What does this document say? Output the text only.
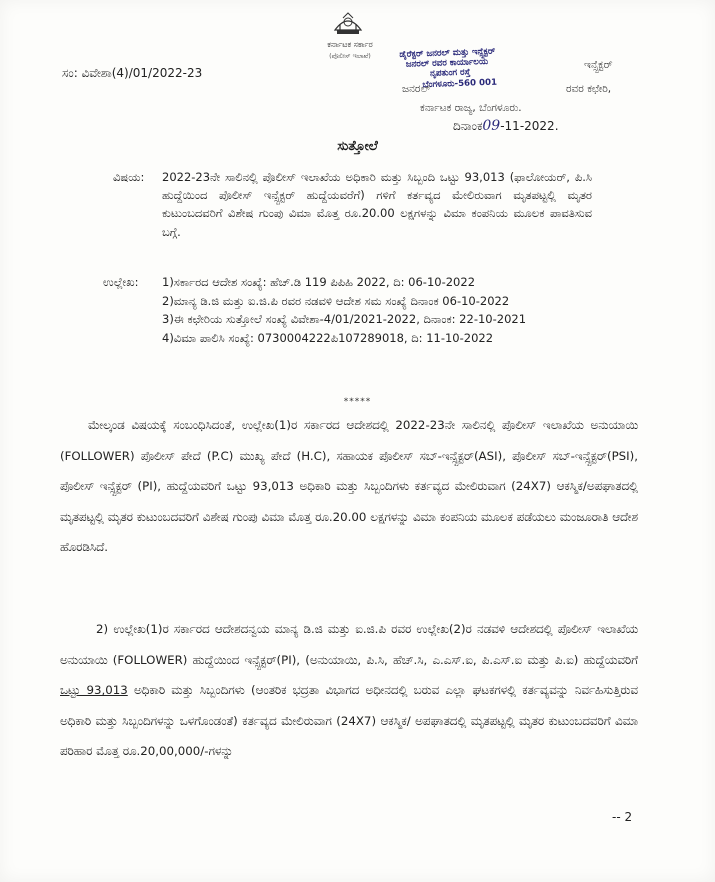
ಕರ್ನಾಟಕ ಸರ್ಕಾರ
(ಪೊಲೀಸ್ ಇಲಾಖೆ)
ಸಂ: ವಿವೇಶಾ(4)/01/2022-23
ಡೈರೆಕ್ಟರ್ ಜನರಲ್ ಮತ್ತು ಇನ್ಸ್ಪೆಕ್ಟರ್
ಜನರಲ್ ರವರ ಕಾರ್ಯಾಲಯ
ನೃಪತುಂಗ ರಸ್ತೆ
ಬೆಂಗಳೂರು-560 001
ಇನ್ಸ್ಪೆಕ್ಟರ್
ಜನರಲ್	ರವರ ಕಛೇರಿ,
ಕರ್ನಾಟಕ ರಾಜ್ಯ, ಬೆಂಗಳೂರು.
ದಿನಾಂಕ09-11-2022.
ಸುತ್ತೋಲೆ
ವಿಷಯ: 2022-23ನೇ ಸಾಲಿನಲ್ಲಿ ಪೊಲೀಸ್ ಇಲಾಖೆಯ ಅಧಿಕಾರಿ ಮತ್ತು ಸಿಬ್ಬಂದಿ ಒಟ್ಟು 93,013 (ಫಾಲೋಯರ್, ಪಿ.ಸಿ ಹುದ್ದೆಯಿಂದ ಪೊಲೀಸ್ ಇನ್ಸ್ಪೆಕ್ಟರ್ ಹುದ್ದೆಯವರೆಗೆ) ಗಳಿಗೆ ಕರ್ತವ್ಯದ ಮೇಲಿರುವಾಗ ಮೃತಪಟ್ಟಲ್ಲಿ ಮೃತರ ಕುಟುಂಬದವರಿಗೆ ವಿಶೇಷ ಗುಂಪು ವಿಮಾ ಮೊತ್ತ ರೂ.20.00 ಲಕ್ಷಗಳನ್ನು ವಿಮಾ ಕಂಪನಿಯ ಮೂಲಕ ಪಾವತಿಸುವ ಬಗ್ಗೆ.
ಉಲ್ಲೇಖ: 1)ಸರ್ಕಾರದ ಆದೇಶ ಸಂಖ್ಯೆ: ಹೆಚ್.ಡಿ 119 ಪಿಪಿಹಿ 2022, ದಿ: 06-10-2022
2)ಮಾನ್ಯ ಡಿ.ಜಿ ಮತ್ತು ಐ.ಜಿ.ಪಿ ರವರ ನಡವಳಿ ಆದೇಶ ಸಮ ಸಂಖ್ಯೆ ದಿನಾಂಕ 06-10-2022
3)ಈ ಕಛೇರಿಯ ಸುತ್ತೋಲೆ ಸಂಖ್ಯೆ ವಿವೇಶಾ-4/01/2021-2022, ದಿನಾಂಕ: 22-10-2021
4)ವಿಮಾ ಪಾಲಿಸಿ ಸಂಖ್ಯೆ: 0730004222ಪಿ107289018, ದಿ: 11-10-2022
*****
ಮೇಲ್ಕಂಡ ವಿಷಯಕ್ಕೆ ಸಂಬಂಧಿಸಿದಂತೆ, ಉಲ್ಲೇಖ(1)ರ ಸರ್ಕಾರದ ಆದೇಶದಲ್ಲಿ 2022-23ನೇ ಸಾಲಿನಲ್ಲಿ ಪೊಲೀಸ್ ಇಲಾಖೆಯ ಅನುಯಾಯಿ (FOLLOWER) ಪೊಲೀಸ್ ಪೇದೆ (P.C) ಮುಖ್ಯ ಪೇದೆ (H.C), ಸಹಾಯಕ ಪೊಲೀಸ್ ಸಬ್-ಇನ್ಸ್ಪೆಕ್ಟರ್(ASI), ಪೊಲೀಸ್ ಸಬ್-ಇನ್ಸ್ಪೆಕ್ಟರ್(PSI), ಪೊಲೀಸ್ ಇನ್ಸ್ಪೆಕ್ಟರ್ (PI), ಹುದ್ದೆಯವರಿಗೆ ಒಟ್ಟು 93,013 ಅಧಿಕಾರಿ ಮತ್ತು ಸಿಬ್ಬಂದಿಗಳು ಕರ್ತವ್ಯದ ಮೇಲಿರುವಾಗ (24X7) ಆಕಸ್ಮಿಕ/ಅಪಘಾತದಲ್ಲಿ ಮೃತಪಟ್ಟಲ್ಲಿ ಮೃತರ ಕುಟುಂಬದವರಿಗೆ ವಿಶೇಷ ಗುಂಪು ವಿಮಾ ಮೊತ್ತ ರೂ.20.00 ಲಕ್ಷಗಳನ್ನು ವಿಮಾ ಕಂಪನಿಯ ಮೂಲಕ ಪಡೆಯಲು ಮಂಜೂರಾತಿ ಆದೇಶ ಹೊರಡಿಸಿದೆ.
2) ಉಲ್ಲೇಖ(1)ರ ಸರ್ಕಾರದ ಆದೇಶದನ್ವಯ ಮಾನ್ಯ ಡಿ.ಜಿ ಮತ್ತು ಐ.ಜಿ.ಪಿ ರವರ ಉಲ್ಲೇಖ(2)ರ ನಡವಳಿ ಆದೇಶದಲ್ಲಿ ಪೊಲೀಸ್ ಇಲಾಖೆಯ ಅನುಯಾಯಿ (FOLLOWER) ಹುದ್ದೆಯಿಂದ ಇನ್ಸ್ಪೆಕ್ಟರ್(PI), (ಅನುಯಾಯಿ, ಪಿ.ಸಿ, ಹೆಚ್.ಸಿ, ಎ.ಎಸ್.ಐ, ಪಿ.ಎಸ್.ಐ ಮತ್ತು ಪಿ.ಐ) ಹುದ್ದೆಯವರಿಗೆ ಒಟ್ಟು 93,013 ಅಧಿಕಾರಿ ಮತ್ತು ಸಿಬ್ಬಂದಿಗಳು (ಆಂತರಿಕ ಭದ್ರತಾ ವಿಭಾಗದ ಅಧೀನದಲ್ಲಿ ಬರುವ ಎಲ್ಲಾ ಘಟಕಗಳಲ್ಲಿ ಕರ್ತವ್ಯವನ್ನು ನಿರ್ವಹಿಸುತ್ತಿರುವ ಅಧಿಕಾರಿ ಮತ್ತು ಸಿಬ್ಬಂದಿಗಳನ್ನು ಒಳಗೊಂಡಂತೆ) ಕರ್ತವ್ಯದ ಮೇಲಿರುವಾಗ (24X7) ಆಕಸ್ಮಿಕ/ ಅಪಘಾತದಲ್ಲಿ ಮೃತಪಟ್ಟಲ್ಲಿ ಮೃತರ ಕುಟುಂಬದವರಿಗೆ ವಿಮಾ ಪರಿಹಾರ ಮೊತ್ತ ರೂ.20,00,000/-ಗಳನ್ನು
-- 2
